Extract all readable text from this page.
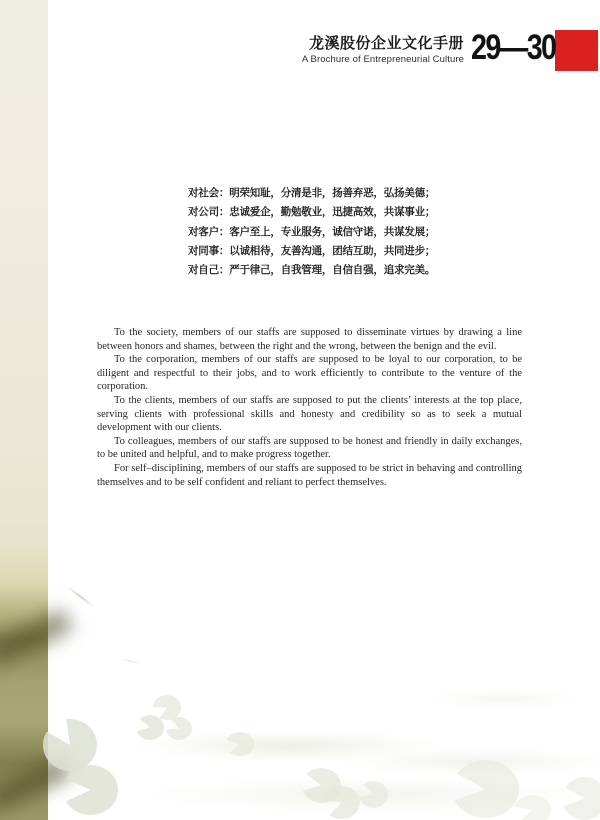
龙溪股份企业文化手册
A Brochure of Entrepreneurial Culture 29—30
对社会：明荣知耻，分清是非，扬善弃恶，弘扬美德；
对公司：忠诚爱企，勤勉敬业，迅捷高效，共谋事业；
对客户：客户至上，专业服务，诚信守诺，共谋发展；
对同事：以诚相待，友善沟通，团结互助，共同进步；
对自己：严于律己，自我管理，自信自强，追求完美。

To the society, members of our staffs are supposed to disseminate virtues by drawing a line between honors and shames, between the right and the wrong, between the benign and the evil.

To the corporation, members of our staffs are supposed to be loyal to our corporation, to be diligent and respectful to their jobs, and to work efficiently to contribute to the venture of the corporation.

To the clients, members of our staffs are supposed to put the clients’ interests at the top place, serving clients with professional skills and honesty and credibility so as to seek a mutual development with our clients.

To colleagues, members of our staffs are supposed to be honest and friendly in daily exchanges, to be united and helpful, and to make progress together.

For self–disciplining, members of our staffs are supposed to be strict in behaving and controlling themselves and to be self confident and reliant to perfect themselves.
